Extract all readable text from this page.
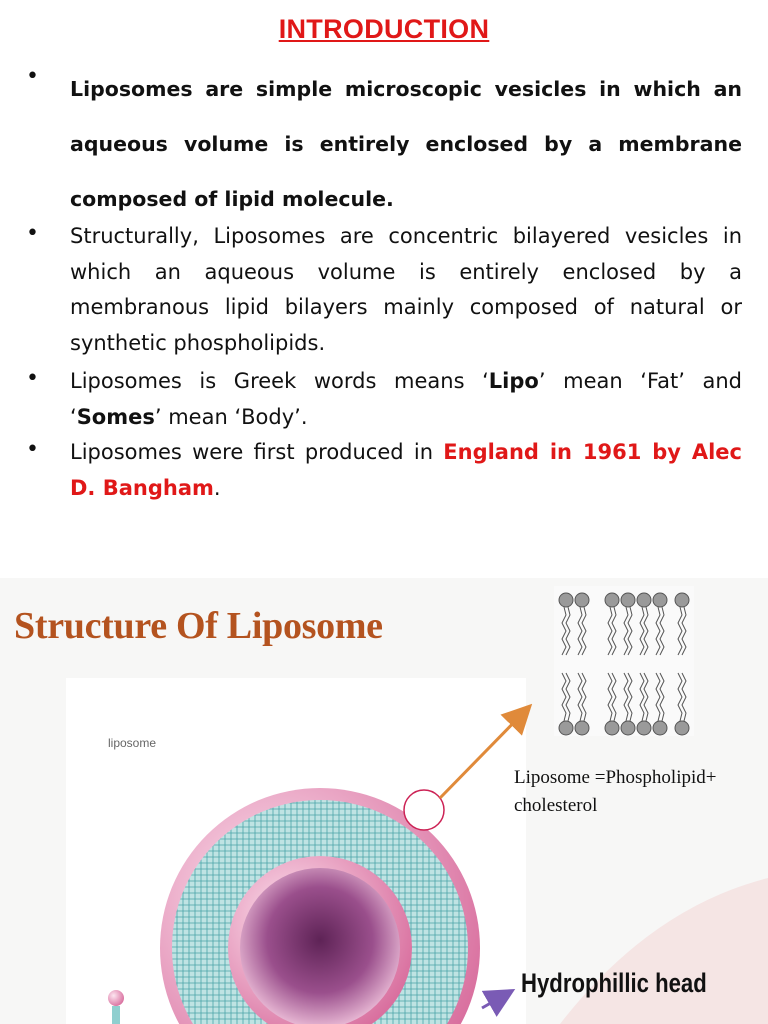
INTRODUCTION
• Liposomes are simple microscopic vesicles in which an aqueous volume is entirely enclosed by a membrane composed of lipid molecule.
• Structurally, Liposomes are concentric bilayered vesicles in which an aqueous volume is entirely enclosed by a membranous lipid bilayers mainly composed of natural or synthetic phospholipids.
• Liposomes is Greek words means ‘Lipo’ mean ‘Fat’ and ‘Somes’ mean ‘Body’.
• Liposomes were first produced in England in 1961 by Alec D. Bangham.
Structure Of Liposome
liposome
Liposome =Phospholipid+
cholesterol
Hydrophillic head
